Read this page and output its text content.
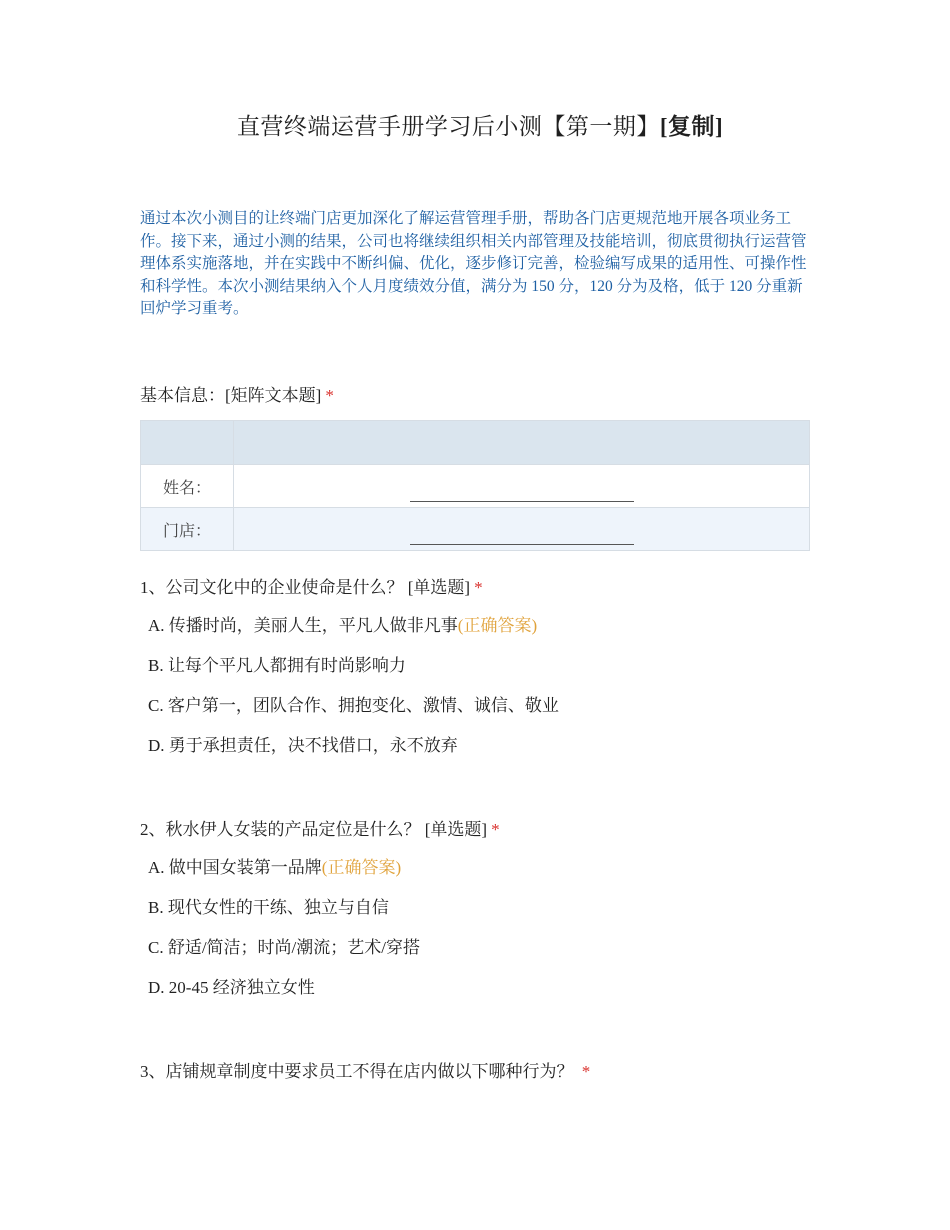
直营终端运营手册学习后小测【第一期】[复制]
通过本次小测目的让终端门店更加深化了解运营管理手册，帮助各门店更规范地开展各项业务工作。接下来，通过小测的结果，公司也将继续组织相关内部管理及技能培训，彻底贯彻执行运营管理体系实施落地，并在实践中不断纠偏、优化，逐步修订完善，检验编写成果的适用性、可操作性和科学性。本次小测结果纳入个人月度绩效分值，满分为 150 分，120 分为及格，低于 120 分重新回炉学习重考。
基本信息：[矩阵文本题] *

姓名：	

门店：	
1、公司文化中的企业使命是什么？ [单选题] *
A. 传播时尚，美丽人生，平凡人做非凡事(正确答案)
B. 让每个平凡人都拥有时尚影响力
C. 客户第一，团队合作、拥抱变化、激情、诚信、敬业
D. 勇于承担责任，决不找借口，永不放弃
2、秋水伊人女装的产品定位是什么？ [单选题] *
A. 做中国女装第一品牌(正确答案)
B. 现代女性的干练、独立与自信
C. 舒适/简洁；时尚/潮流；艺术/穿搭
D. 20-45 经济独立女性
3、店铺规章制度中要求员工不得在店内做以下哪种行为？ *
